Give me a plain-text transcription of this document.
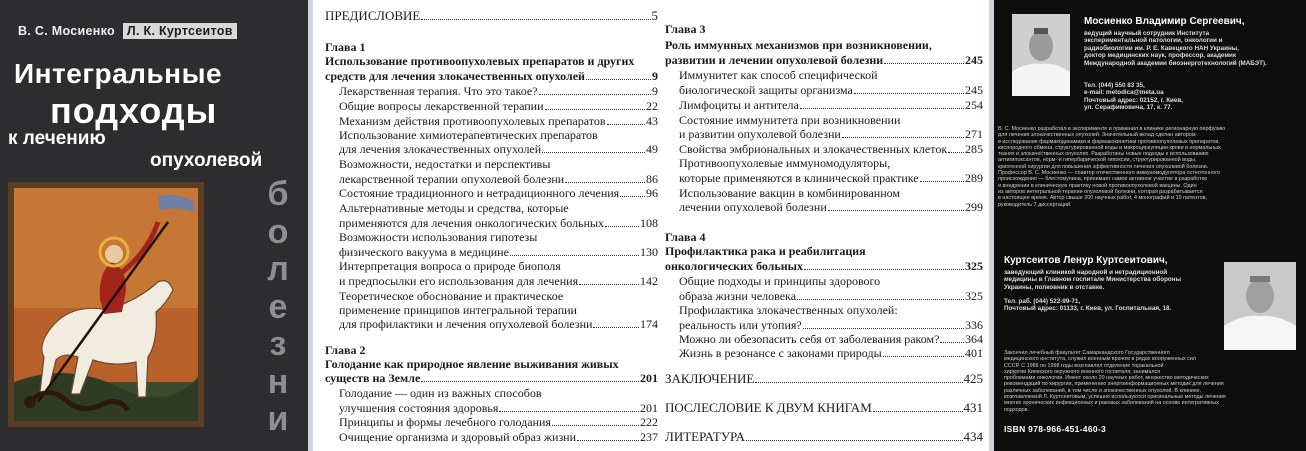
В. С. Мосиенко Л. К. Куртсеитов
Интегральные
подходы
к лечению
опухолевой
б
о
л
е
з
н
и
ПРЕДИСЛОВИЕ	5
Глава 1
Использование противоопухолевых препаратов и других
средств для лечения злокачественных опухолей	9
Лекарственная терапия. Что это такое?	9
Общие вопросы лекарственной терапии	22
Механизм действия противоопухолевых препаратов	43
Использование химиотерапевтических препаратов
для лечения злокачественных опухолей	49
Возможности, недостатки и перспективы
лекарственной терапии опухолевой болезни	86
Состояние традиционного и нетрадиционного лечения 96
Альтернативные методы и средства, которые
применяются для лечения онкологических больных	108
Возможности использования гипотезы
физического вакуума в медицине	130
Интерпретация вопроса о природе биополя
и предпосылки его использования для лечения	142
Теоретическое обоснование и практическое
применение принципов интегральной терапии
для профилактики и лечения опухолевой болезни	174
Глава 2
Голодание как природное явление выживания живых
существ на Земле	201
Голодание — один из важных способов
улучшения состояния здоровья	201
Принципы и формы лечебного голодания	222
Очищение организма и здоровый образ жизни	237
Глава 3
Роль иммунных механизмов при возникновении,
развитии и лечении опухолевой болезни	245
Иммунитет как способ специфической
биологической защиты организма	245
Лимфоциты и антитела	254
Состояние иммунитета при возникновении
и развитии опухолевой болезни	271
Свойства эмбриональных и злокачественных клеток 285
Противоопухолевые иммуномодуляторы,
которые применяются в клинической практике	289
Использование вакцин в комбинированном
лечении опухолевой болезни	299
Глава 4
Профилактика рака и реабилитация
онкологических больных	325
Общие подходы и принципы здорового
образа жизни человека	325
Профилактика злокачественных опухолей:
реальность или утопия?	336
Можно ли обезопасить себя от заболевания раком? 364
Жизнь в резонансе с законами природы	401
ЗАКЛЮЧЕНИЕ	425
ПОСЛЕСЛОВИЕ К ДВУМ КНИГАМ	431
ЛИТЕРАТУРА	434
Мосиенко Владимир Сергеевич,
ведущий научный сотрудник Института
экспериментальной патологии, онкологии и
радиобиологии им. Р. Е. Кавецкого НАН Украины,
доктор медицинских наук, профессор, академик
Международной академии биоэнерготехнологий (МАБЭТ).
Тел. (044) 550 83 35,
e-mail: metodica@meta.ua
Почтовый адрес: 02152, г. Киев,
ул. Серафимовича, 17, к. 77.
В. С. Мосиенко разработал в эксперименте и применил в клинике регионарную перфузию
для лечения злокачественных опухолей. Значительный вклад сделан автором
в исследование фармакодинамики и фармакокинетики противоопухолевых препаратов,
кислородного обмена, структурированной воды и микроциркуляции крови в нормальных
тканях и злокачественных опухолях. Разработаны новые подходы к использованию
антигипоксантов, норм- и гипербарической гипоксии, структурированной воды,
криогенной хирургии для повышения эффективности лечения опухолевой болезни.
Профессор В. С. Мосиенко — соавтор отечественного иммуномодулятора остеотонного
происхождения — блестомунина, принимает самое активное участие в разработке
и внедрении в клиническую практику новой противоопухолевой вакцины. Один
из авторов интегральной терапии опухолевой болезни, которая разрабатывается
в настоящее время. Автор свыше 200 научных работ, 4 монографий и 10 патентов,
руководитель 7 диссертаций.
Куртсеитов Ленур Куртсеитович,
заведующий клиникой народной и нетрадиционной
медицины в Главном госпитале Министерства обороны
Украины, полковник в отставке.
Тел. раб. (044) 522-99-71,
Почтовый адрес: 01133, г. Киев, ул. Госпитальная, 18.
Закончил лечебный факультет Самаркандского Государственного
медицинского института, служил военным врачом в рядах вооруженных сил
СССР. С 1986 по 1998 годы возглавлял отделение торакальной
хирургии Киевского окружного военного госпиталя, занимался
проблемами онкологии. Имеет около 20 научных работ, множество методических
рекомендаций по хирургии, применению энергоинформационных методик для лечения
различных заболеваний, в том числе и злокачественных опухолей. В клинике,
возглавляемой Л. Куртсеитовым, успешно используются оригинальные методы лечения
многих хронических инфекционных и раковых заболеваний на основе интегративных
подходов.
ISBN 978-966-451-460-3
